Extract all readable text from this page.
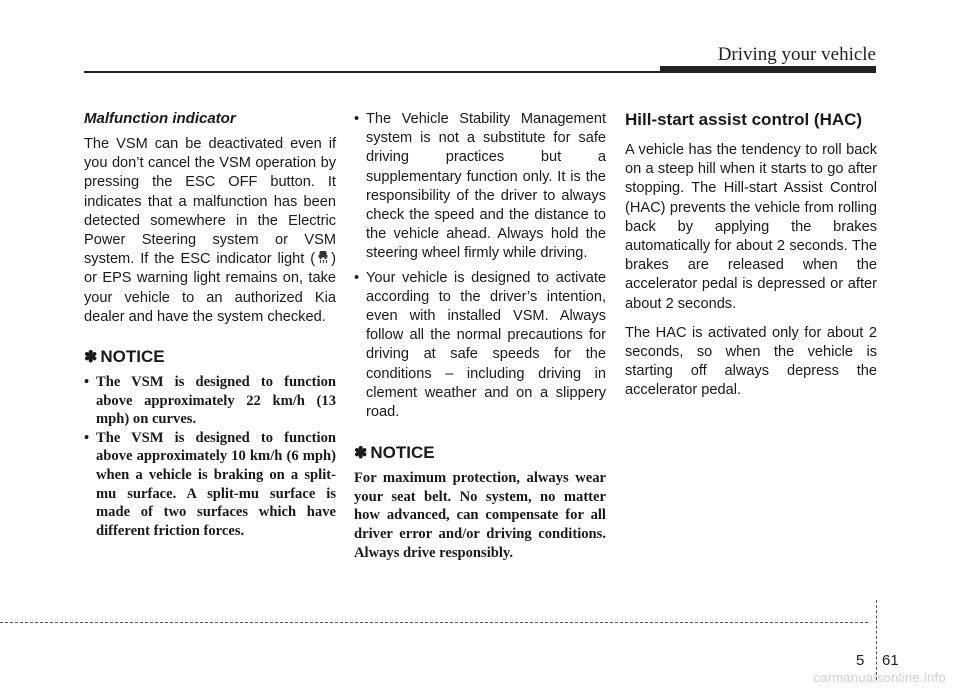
Driving your vehicle

Malfunction indicator

The VSM can be deactivated even if you don’t cancel the VSM operation by pressing the ESC OFF button. It indicates that a malfunction has been detected somewhere in the Electric Power Steering system or VSM system. If the ESC indicator light ( ) or EPS warning light remains on, take your vehicle to an authorized Kia dealer and have the system checked.

✽ NOTICE
• The VSM is designed to function above approximately 22 km/h (13 mph) on curves.
• The VSM is designed to function above approximately 10 km/h (6 mph) when a vehicle is braking on a split-mu surface. A split-mu surface is made of two surfaces which have different friction forces.
• The Vehicle Stability Management system is not a substitute for safe driving practices but a supplementary function only. It is the responsibility of the driver to always check the speed and the distance to the vehicle ahead. Always hold the steering wheel firmly while driving.
• Your vehicle is designed to activate according to the driver’s intention, even with installed VSM. Always follow all the normal precautions for driving at safe speeds for the conditions – including driving in clement weather and on a slippery road.
✽ NOTICE

For maximum protection, always wear your seat belt. No system, no matter how advanced, can compensate for all driver error and/or driving conditions. Always drive responsibly.

Hill-start assist control (HAC)

A vehicle has the tendency to roll back on a steep hill when it starts to go after stopping. The Hill-start Assist Control (HAC) prevents the vehicle from rolling back by applying the brakes automatically for about 2 seconds. The brakes are released when the accelerator pedal is depressed or after about 2 seconds.

The HAC is activated only for about 2 seconds, so when the vehicle is starting off always depress the accelerator pedal.

5 61
carmanualsonline.info
